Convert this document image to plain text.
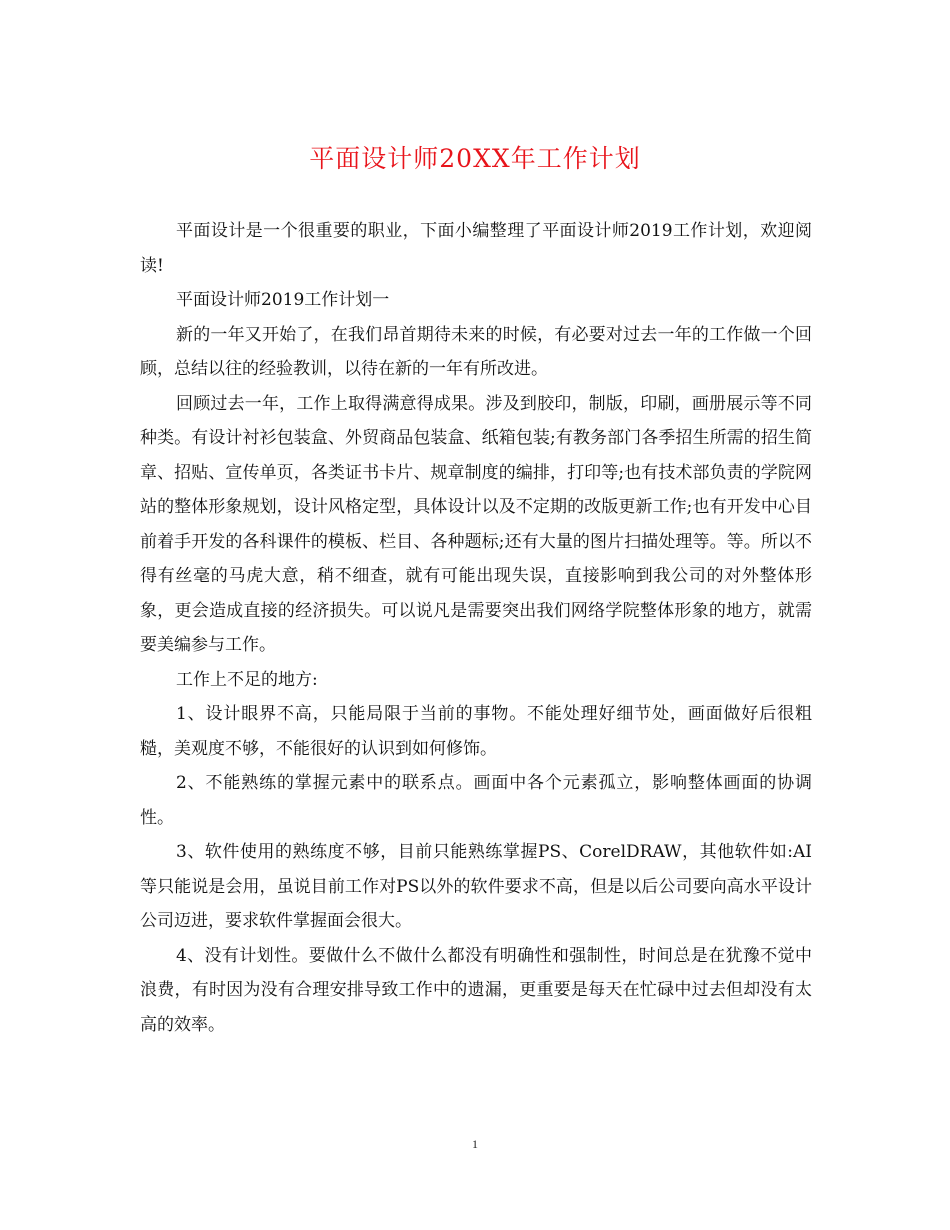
平面设计师20XX年工作计划

平面设计是一个很重要的职业，下面小编整理了平面设计师2019工作计划，欢迎阅读!

平面设计师2019工作计划一

新的一年又开始了，在我们昂首期待未来的时候，有必要对过去一年的工作做一个回顾，总结以往的经验教训，以待在新的一年有所改进。

回顾过去一年，工作上取得满意得成果。涉及到胶印，制版，印刷，画册展示等不同种类。有设计衬衫包装盒、外贸商品包装盒、纸箱包装;有教务部门各季招生所需的招生简章、招贴、宣传单页，各类证书卡片、规章制度的编排，打印等;也有技术部负责的学院网站的整体形象规划，设计风格定型，具体设计以及不定期的改版更新工作;也有开发中心目前着手开发的各科课件的模板、栏目、各种题标;还有大量的图片扫描处理等。等。所以不得有丝毫的马虎大意，稍不细查，就有可能出现失误，直接影响到我公司的对外整体形象，更会造成直接的经济损失。可以说凡是需要突出我们网络学院整体形象的地方，就需要美编参与工作。

工作上不足的地方:

1、设计眼界不高，只能局限于当前的事物。不能处理好细节处，画面做好后很粗糙，美观度不够，不能很好的认识到如何修饰。

2、不能熟练的掌握元素中的联系点。画面中各个元素孤立，影响整体画面的协调性。

3、软件使用的熟练度不够，目前只能熟练掌握PS、CorelDRAW，其他软件如:AI 等只能说是会用，虽说目前工作对PS以外的软件要求不高，但是以后公司要向高水平设计公司迈进，要求软件掌握面会很大。

4、没有计划性。要做什么不做什么都没有明确性和强制性，时间总是在犹豫不觉中浪费，有时因为没有合理安排导致工作中的遗漏，更重要是每天在忙碌中过去但却没有太高的效率。

1
